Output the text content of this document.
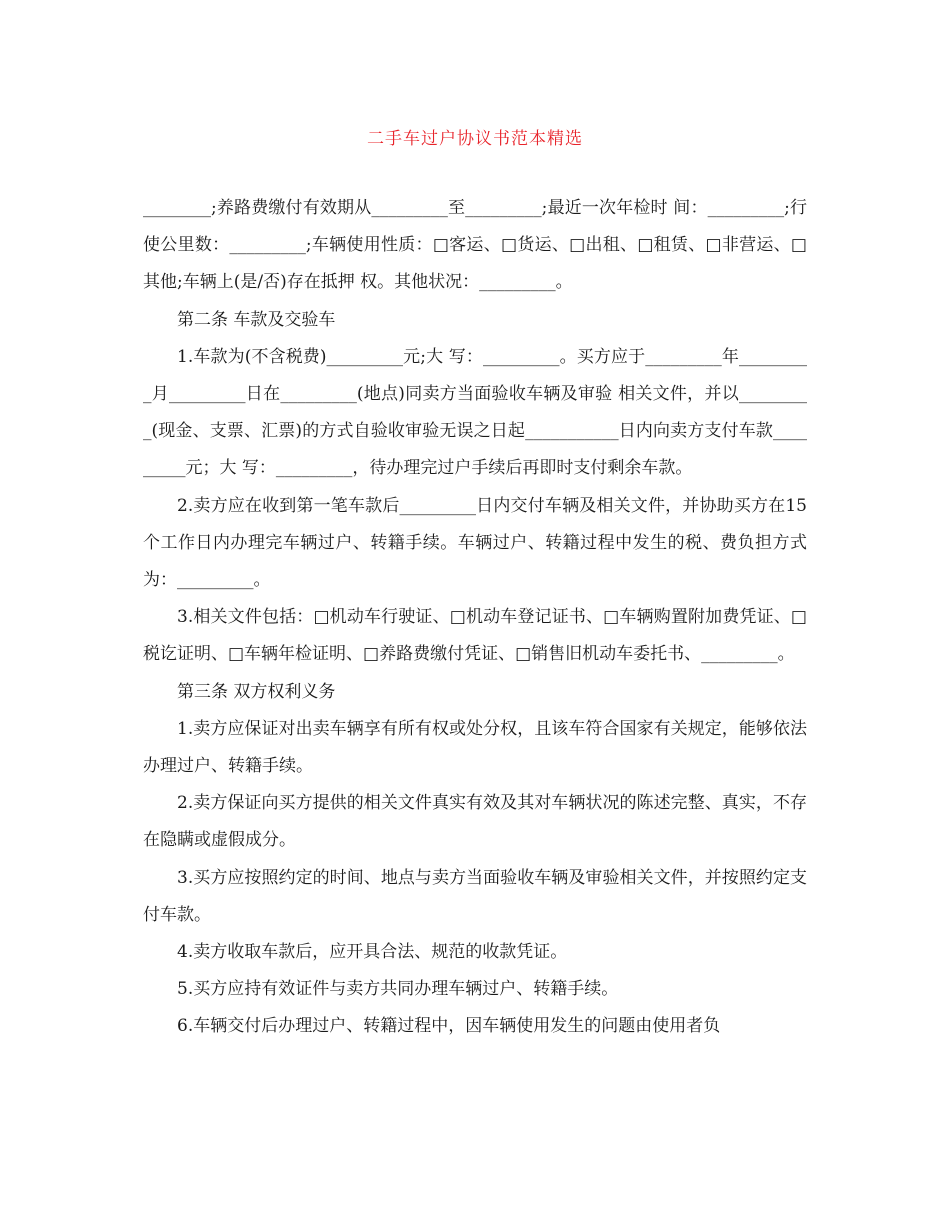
二手车过户协议书范本精选

________;养路费缴付有效期从_________至_________;最近一次年检时 间：_________;行使公里数：_________;车辆使用性质：□客运、□货运、□出租、□租赁、□非营运、□其他;车辆上(是/否)存在抵押 权。其他状况：_________。

第二条 车款及交验车

1.车款为(不含税费)_________元;大 写：_________。买方应于_________年_________月_________日在_________(地点)同卖方当面验收车辆及审验 相关文件，并以_________(现金、支票、汇票)的方式自验收审验无误之日起___________日内向卖方支付车款_________元；大 写：_________，待办理完过户手续后再即时支付剩余车款。

2.卖方应在收到第一笔车款后_________日内交付车辆及相关文件，并协助买方在15个工作日内办理完车辆过户、转籍手续。车辆过户、转籍过程中发生的税、费负担方式为：_________。

3.相关文件包括：□机动车行驶证、□机动车登记证书、□车辆购置附加费凭证、□税讫证明、□车辆年检证明、□养路费缴付凭证、□销售旧机动车委托书、_________。

第三条 双方权利义务

1.卖方应保证对出卖车辆享有所有权或处分权，且该车符合国家有关规定，能够依法办理过户、转籍手续。

2.卖方保证向买方提供的相关文件真实有效及其对车辆状况的陈述完整、真实，不存在隐瞒或虚假成分。

3.买方应按照约定的时间、地点与卖方当面验收车辆及审验相关文件，并按照约定支付车款。

4.卖方收取车款后，应开具合法、规范的收款凭证。

5.买方应持有效证件与卖方共同办理车辆过户、转籍手续。

6.车辆交付后办理过户、转籍过程中，因车辆使用发生的问题由使用者负
